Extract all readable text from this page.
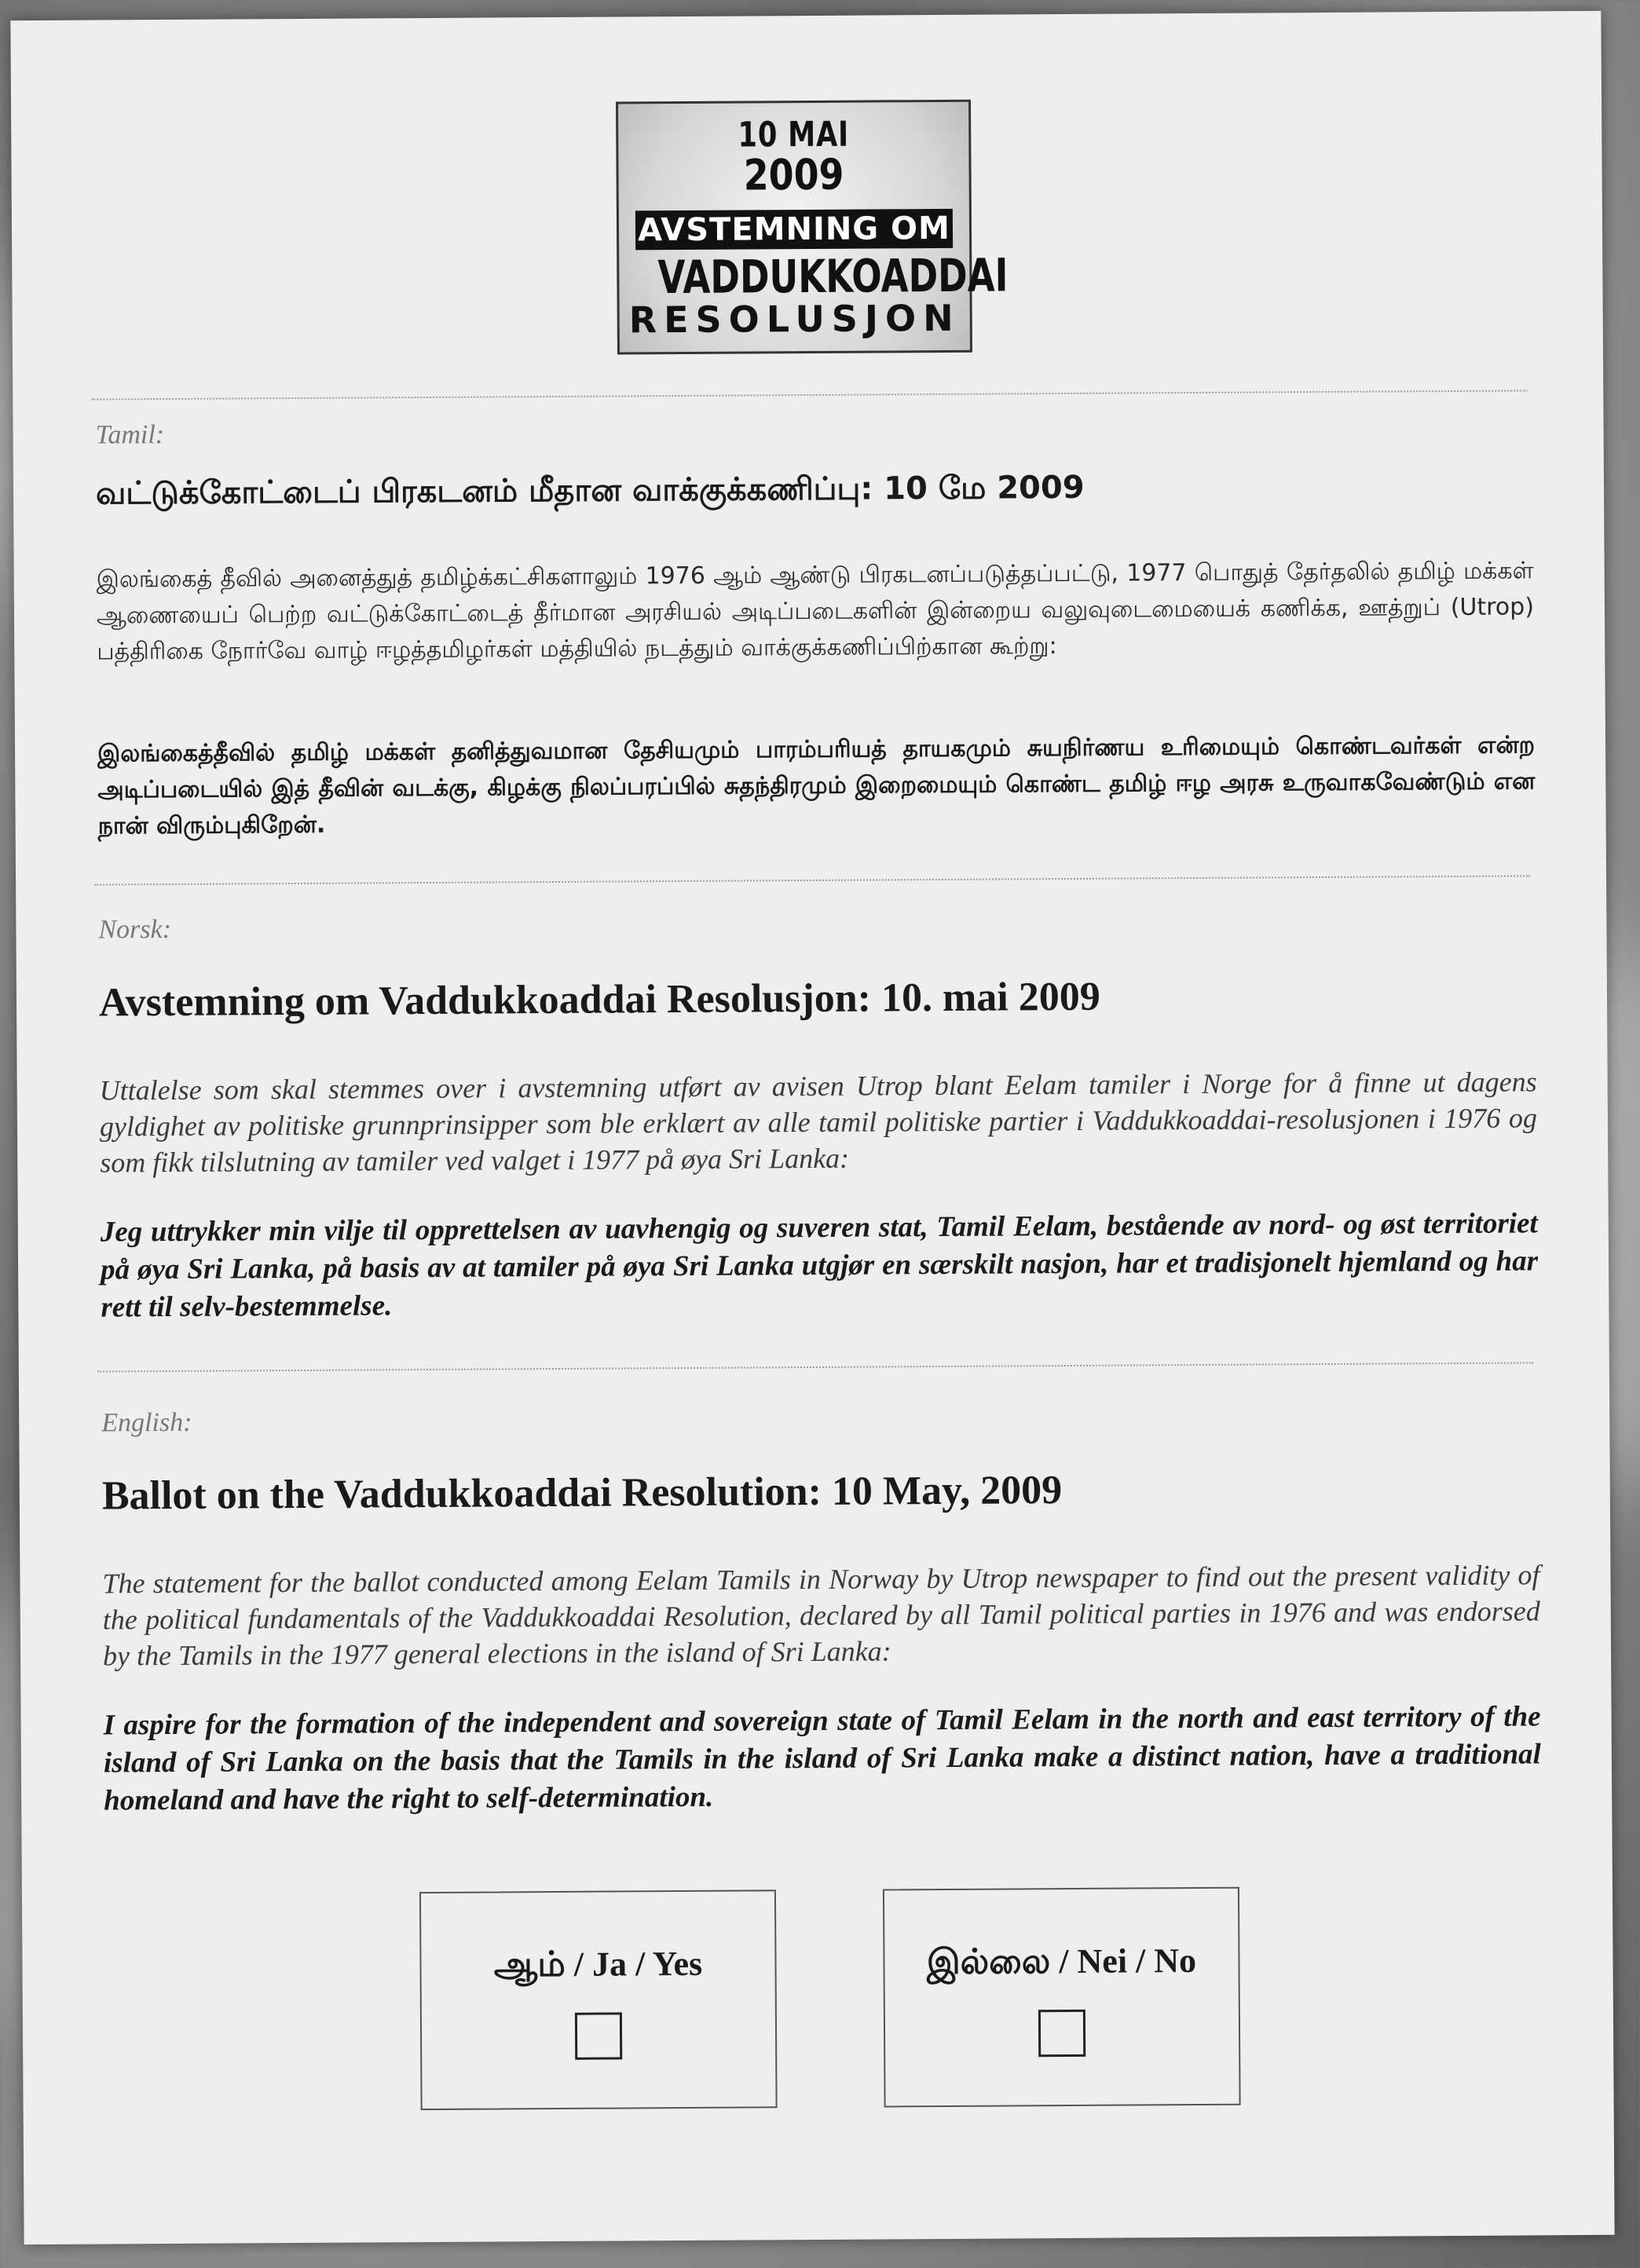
10 MAI
2009
AVSTEMNING OM
VADDUKKOADDAI
RESOLUSJON
Tamil:
வட்டுக்கோட்டைப் பிரகடனம் மீதான வாக்குக்கணிப்பு: 10 மே 2009
இலங்கைத் தீவில் அனைத்துத் தமிழ்க்கட்சிகளாலும் 1976 ஆம் ஆண்டு பிரகடனப்படுத்தப்பட்டு, 1977 பொதுத் தேர்தலில் தமிழ் மக்கள் ஆணையைப் பெற்ற வட்டுக்கோட்டைத் தீர்மான அரசியல் அடிப்படைகளின் இன்றைய வலுவுடைமையைக் கணிக்க, ஊத்றுப் (Utrop) பத்திரிகை நோர்வே வாழ் ஈழத்தமிழர்கள் மத்தியில் நடத்தும் வாக்குக்கணிப்பிற்கான கூற்று:
இலங்கைத்தீவில் தமிழ் மக்கள் தனித்துவமான தேசியமும் பாரம்பரியத் தாயகமும் சுயநிர்ணய உரிமையும் கொண்டவர்கள் என்ற அடிப்படையில் இத் தீவின் வடக்கு, கிழக்கு நிலப்பரப்பில் சுதந்திரமும் இறைமையும் கொண்ட தமிழ் ஈழ அரசு உருவாகவேண்டும் என நான் விரும்புகிறேன்.
Norsk:
Avstemning om Vaddukkoaddai Resolusjon: 10. mai 2009
Uttalelse som skal stemmes over i avstemning utført av avisen Utrop blant Eelam tamiler i Norge for å finne ut dagens gyldighet av politiske grunnprinsipper som ble erklært av alle tamil politiske partier i Vaddukkoaddai-resolusjonen i 1976 og som fikk tilslutning av tamiler ved valget i 1977 på øya Sri Lanka:
Jeg uttrykker min vilje til opprettelsen av uavhengig og suveren stat, Tamil Eelam, bestående av nord- og øst territoriet på øya Sri Lanka, på basis av at tamiler på øya Sri Lanka utgjør en særskilt nasjon, har et tradisjonelt hjemland og har rett til selv-bestemmelse.
English:
Ballot on the Vaddukkoaddai Resolution: 10 May, 2009
The statement for the ballot conducted among Eelam Tamils in Norway by Utrop newspaper to find out the present validity of the political fundamentals of the Vaddukkoaddai Resolution, declared by all Tamil political parties in 1976 and was endorsed by the Tamils in the 1977 general elections in the island of Sri Lanka:
I aspire for the formation of the independent and sovereign state of Tamil Eelam in the north and east territory of the island of Sri Lanka on the basis that the Tamils in the island of Sri Lanka make a distinct nation, have a traditional homeland and have the right to self-determination.
ஆம் / Ja / Yes	இல்லை / Nei / No
